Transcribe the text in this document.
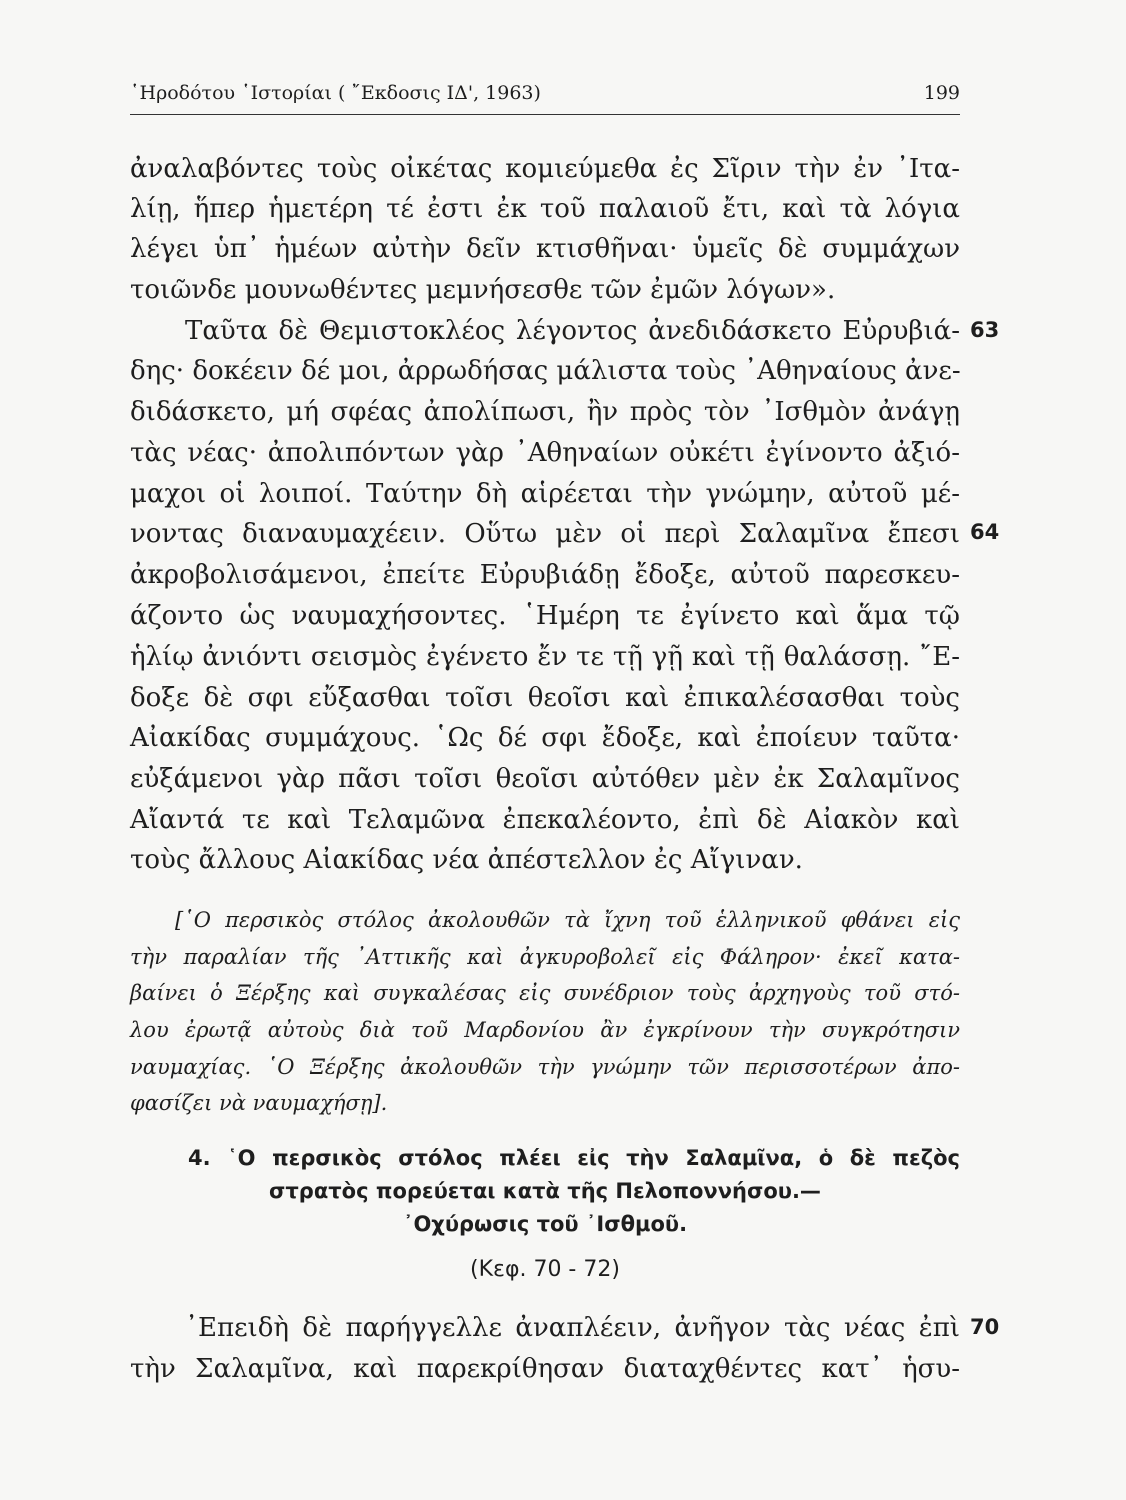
῾Ηροδότου ῾Ιστορίαι ( ῎Εκδοσις ΙΔ', 1963)	199
ἀναλαβόντες τοὺς οἰκέτας κομιεύμεθα ἐς Σῖριν τὴν ἐν ᾽Ιτα-
λίῃ, ἥπερ ἡμετέρη τέ ἐστι ἐκ τοῦ παλαιοῦ ἔτι, καὶ τὰ λόγια
λέγει ὑπ᾽ ἡμέων αὐτὴν δεῖν κτισθῆναι· ὑμεῖς δὲ συμμάχων
τοιῶνδε μουνωθέντες μεμνήσεσθε τῶν ἐμῶν λόγων».
Ταῦτα δὲ Θεμιστοκλέος λέγοντος ἀνεδιδάσκετο Εὐρυβιά- 63
δης· δοκέειν δέ μοι, ἀρρωδήσας μάλιστα τοὺς ᾽Αθηναίους ἀνε-
διδάσκετο, μή σφέας ἀπολίπωσι, ἢν πρὸς τὸν ᾽Ισθμὸν ἀνάγῃ
τὰς νέας· ἀπολιπόντων γὰρ ᾽Αθηναίων οὐκέτι ἐγίνοντο ἀξιό-
μαχοι οἱ λοιποί. Ταύτην δὴ αἱρέεται τὴν γνώμην, αὐτοῦ μέ-
νοντας διαναυμαχέειν. Οὕτω μὲν οἱ περὶ Σαλαμῖνα ἔπεσι 64
ἀκροβολισάμενοι, ἐπείτε Εὐρυβιάδῃ ἔδοξε, αὐτοῦ παρεσκευ-
άζοντο ὡς ναυμαχήσοντες. ῾Ημέρη τε ἐγίνετο καὶ ἅμα τῷ
ἡλίῳ ἀνιόντι σεισμὸς ἐγένετο ἔν τε τῇ γῇ καὶ τῇ θαλάσσῃ. ῎Ε-
δοξε δὲ σφι εὔξασθαι τοῖσι θεοῖσι καὶ ἐπικαλέσασθαι τοὺς
Αἰακίδας συμμάχους. ῾Ως δέ σφι ἔδοξε, καὶ ἐποίευν ταῦτα·
εὐξάμενοι γὰρ πᾶσι τοῖσι θεοῖσι αὐτόθεν μὲν ἐκ Σαλαμῖνος
Αἴαντά τε καὶ Τελαμῶνα ἐπεκαλέοντο, ἐπὶ δὲ Αἰακὸν καὶ
τοὺς ἄλλους Αἰακίδας νέα ἀπέστελλον ἐς Αἴγιναν.
[῾Ο περσικὸς στόλος ἀκολουθῶν τὰ ἴχνη τοῦ ἑλληνικοῦ φθάνει εἰς
τὴν παραλίαν τῆς ᾽Αττικῆς καὶ ἀγκυροβολεῖ εἰς Φάληρον· ἐκεῖ κατα-
βαίνει ὁ Ξέρξης καὶ συγκαλέσας εἰς συνέδριον τοὺς ἀρχηγοὺς τοῦ στό-
λου ἐρωτᾷ αὐτοὺς διὰ τοῦ Μαρδονίου ἂν ἐγκρίνουν τὴν συγκρότησιν
ναυμαχίας. ῾Ο Ξέρξης ἀκολουθῶν τὴν γνώμην τῶν περισσοτέρων ἀπο-
φασίζει νὰ ναυμαχήσῃ].
4. ῾Ο περσικὸς στόλος πλέει εἰς τὴν Σαλαμῖνα, ὁ δὲ πεζὸς
στρατὸς πορεύεται κατὰ τῆς Πελοποννήσου.—
᾽Οχύρωσις τοῦ ᾽Ισθμοῦ.
(Κεφ. 70 - 72)
᾽Επειδὴ δὲ παρήγγελλε ἀναπλέειν, ἀνῆγον τὰς νέας ἐπὶ 70
τὴν Σαλαμῖνα, καὶ παρεκρίθησαν διαταχθέντες κατ᾽ ἡσυ-
